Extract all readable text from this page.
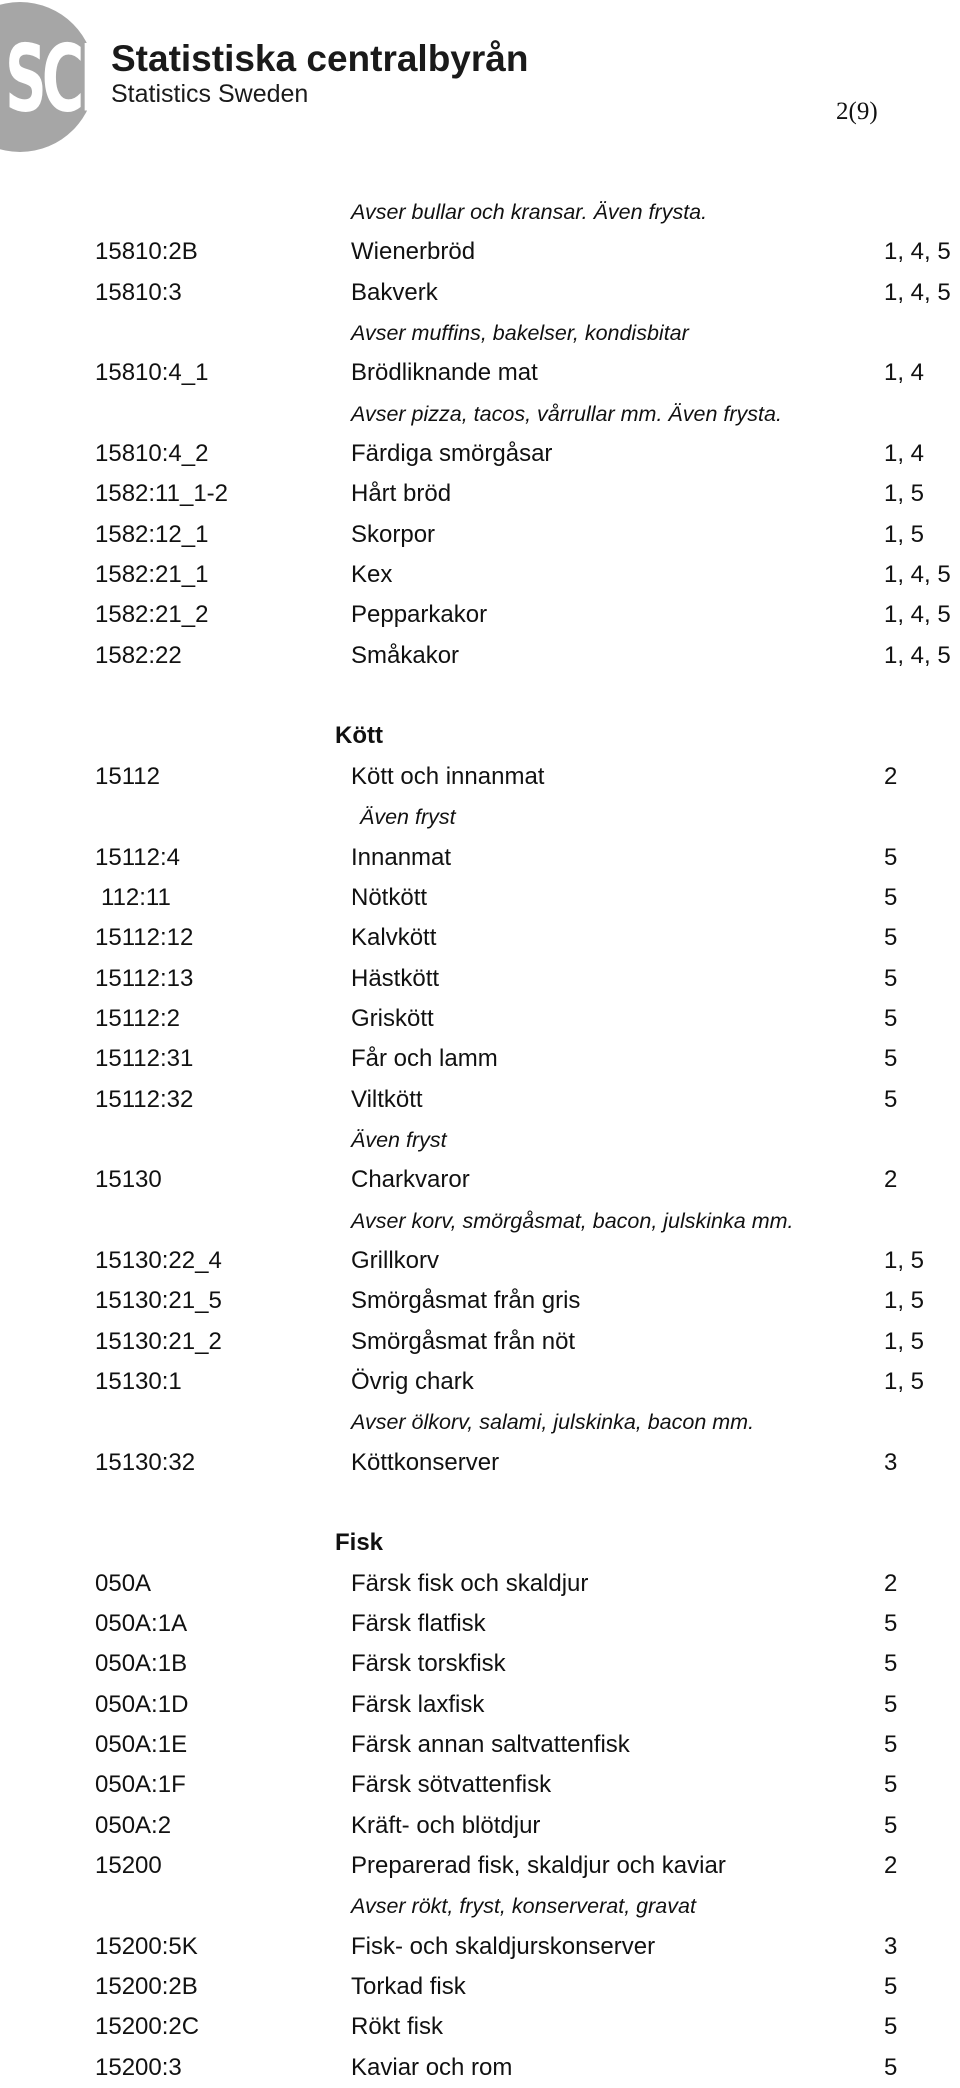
SCB
Statistiska centralbyrån
Statistics Sweden
2(9)
Avser bullar och kransar. Även frysta.
15810:2B	Wienerbröd	1, 4, 5
15810:3	Bakverk	1, 4, 5
Avser muffins, bakelser, kondisbitar
15810:4_1	Brödliknande mat	1, 4
Avser pizza, tacos, vårrullar mm. Även frysta.
15810:4_2	Färdiga smörgåsar	1, 4
1582:11_1-2	Hårt bröd	1, 5
1582:12_1	Skorpor	1, 5
1582:21_1	Kex	1, 4, 5
1582:21_2	Pepparkakor	1, 4, 5
1582:22	Småkakor	1, 4, 5
Kött
15112	Kött och innanmat	2
Även fryst
15112:4	Innanmat	5
112:11	Nötkött	5
15112:12	Kalvkött	5
15112:13	Hästkött	5
15112:2	Griskött	5
15112:31	Får och lamm	5
15112:32	Viltkött	5
Även fryst
15130	Charkvaror	2
Avser korv, smörgåsmat, bacon, julskinka mm.
15130:22_4	Grillkorv	1, 5
15130:21_5	Smörgåsmat från gris	1, 5
15130:21_2	Smörgåsmat från nöt	1, 5
15130:1	Övrig chark	1, 5
Avser ölkorv, salami, julskinka, bacon mm.
15130:32	Köttkonserver	3
Fisk
050A	Färsk fisk och skaldjur	2
050A:1A	Färsk flatfisk	5
050A:1B	Färsk torskfisk	5
050A:1D	Färsk laxfisk	5
050A:1E	Färsk annan saltvattenfisk	5
050A:1F	Färsk sötvattenfisk	5
050A:2	Kräft- och blötdjur	5
15200	Preparerad fisk, skaldjur och kaviar	2
Avser rökt, fryst, konserverat, gravat
15200:5K	Fisk- och skaldjurskonserver	3
15200:2B	Torkad fisk	5
15200:2C	Rökt fisk	5
15200:3	Kaviar och rom	5
